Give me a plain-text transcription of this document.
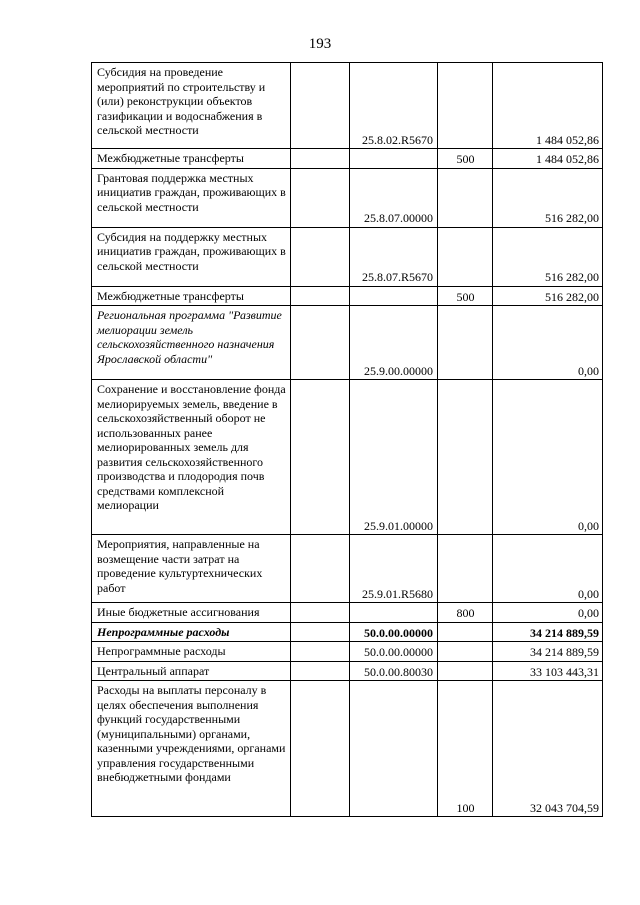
193
Субсидия на проведение мероприятий по строительству и (или) реконструкции объектов газификации и водоснабжения в сельской местности		25.8.02.R5670		1 484 052,86
Межбюджетные трансферты			500	1 484 052,86
Грантовая поддержка местных инициатив граждан, проживающих в сельской местности		25.8.07.00000		516 282,00
Субсидия на поддержку местных инициатив граждан, проживающих в сельской местности		25.8.07.R5670		516 282,00
Межбюджетные трансферты			500	516 282,00
Региональная программа "Развитие мелиорации земель сельскохозяйственного назначения Ярославской области"		25.9.00.00000		0,00
Сохранение и восстановление фонда мелиорируемых земель, введение в сельскохозяйственный оборот не использованных ранее мелиорированных земель для развития сельскохозяйственного производства и плодородия почв средствами комплексной мелиорации		25.9.01.00000		0,00
Мероприятия, направленные на возмещение части затрат на проведение культуртехнических работ		25.9.01.R5680		0,00
Иные бюджетные ассигнования			800	0,00
Непрограммные расходы		50.0.00.00000		34 214 889,59
Непрограммные расходы		50.0.00.00000		34 214 889,59
Центральный аппарат		50.0.00.80030		33 103 443,31
Расходы на выплаты персоналу в целях обеспечения выполнения функций государственными (муниципальными) органами, казенными учреждениями, органами управления государственными внебюджетными фондами			100	32 043 704,59
